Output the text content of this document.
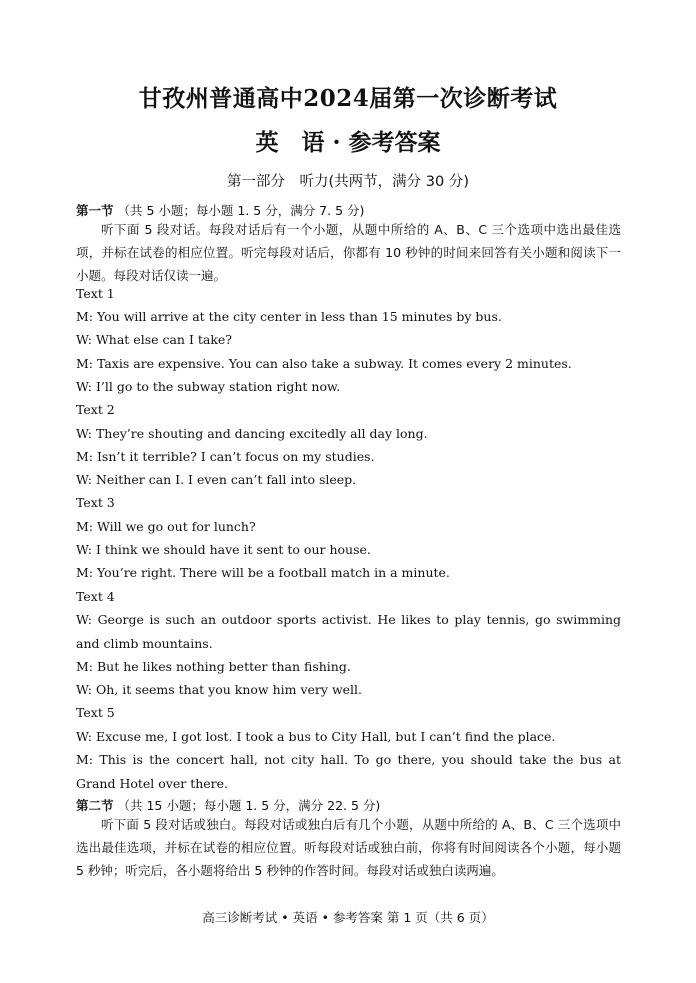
甘孜州普通高中2024届第一次诊断考试
英　语 · 参考答案
第一部分　听力(共两节，满分 30 分)
第一节 （共 5 小题；每小题 1. 5 分，满分 7. 5 分)
听下面 5 段对话。每段对话后有一个小题，从题中所给的 A、B、C 三个选项中选出最佳选项，并标在试卷的相应位置。听完每段对话后，你都有 10 秒钟的时间来回答有关小题和阅读下一小题。每段对话仅读一遍。
Text 1
M: You will arrive at the city center in less than 15 minutes by bus.
W: What else can I take?
M: Taxis are expensive. You can also take a subway. It comes every 2 minutes.
W: I’ll go to the subway station right now.
Text 2
W: They’re shouting and dancing excitedly all day long.
M: Isn’t it terrible? I can’t focus on my studies.
W: Neither can I. I even can’t fall into sleep.
Text 3
M: Will we go out for lunch?
W: I think we should have it sent to our house.
M: You’re right. There will be a football match in a minute.
Text 4
W: George is such an outdoor sports activist. He likes to play tennis, go swimming and climb mountains.
M: But he likes nothing better than fishing.
W: Oh, it seems that you know him very well.
Text 5
W: Excuse me, I got lost. I took a bus to City Hall, but I can’t find the place.
M: This is the concert hall, not city hall. To go there, you should take the bus at Grand Hotel over there.
第二节 （共 15 小题；每小题 1. 5 分，满分 22. 5 分)
听下面 5 段对话或独白。每段对话或独白后有几个小题，从题中所给的 A、B、C 三个选项中选出最佳选项，并标在试卷的相应位置。听每段对话或独白前，你将有时间阅读各个小题，每小题 5 秒钟；听完后，各小题将给出 5 秒钟的作答时间。每段对话或独白读两遍。
高三诊断考试 • 英语 • 参考答案 第 1 页（共 6 页）
